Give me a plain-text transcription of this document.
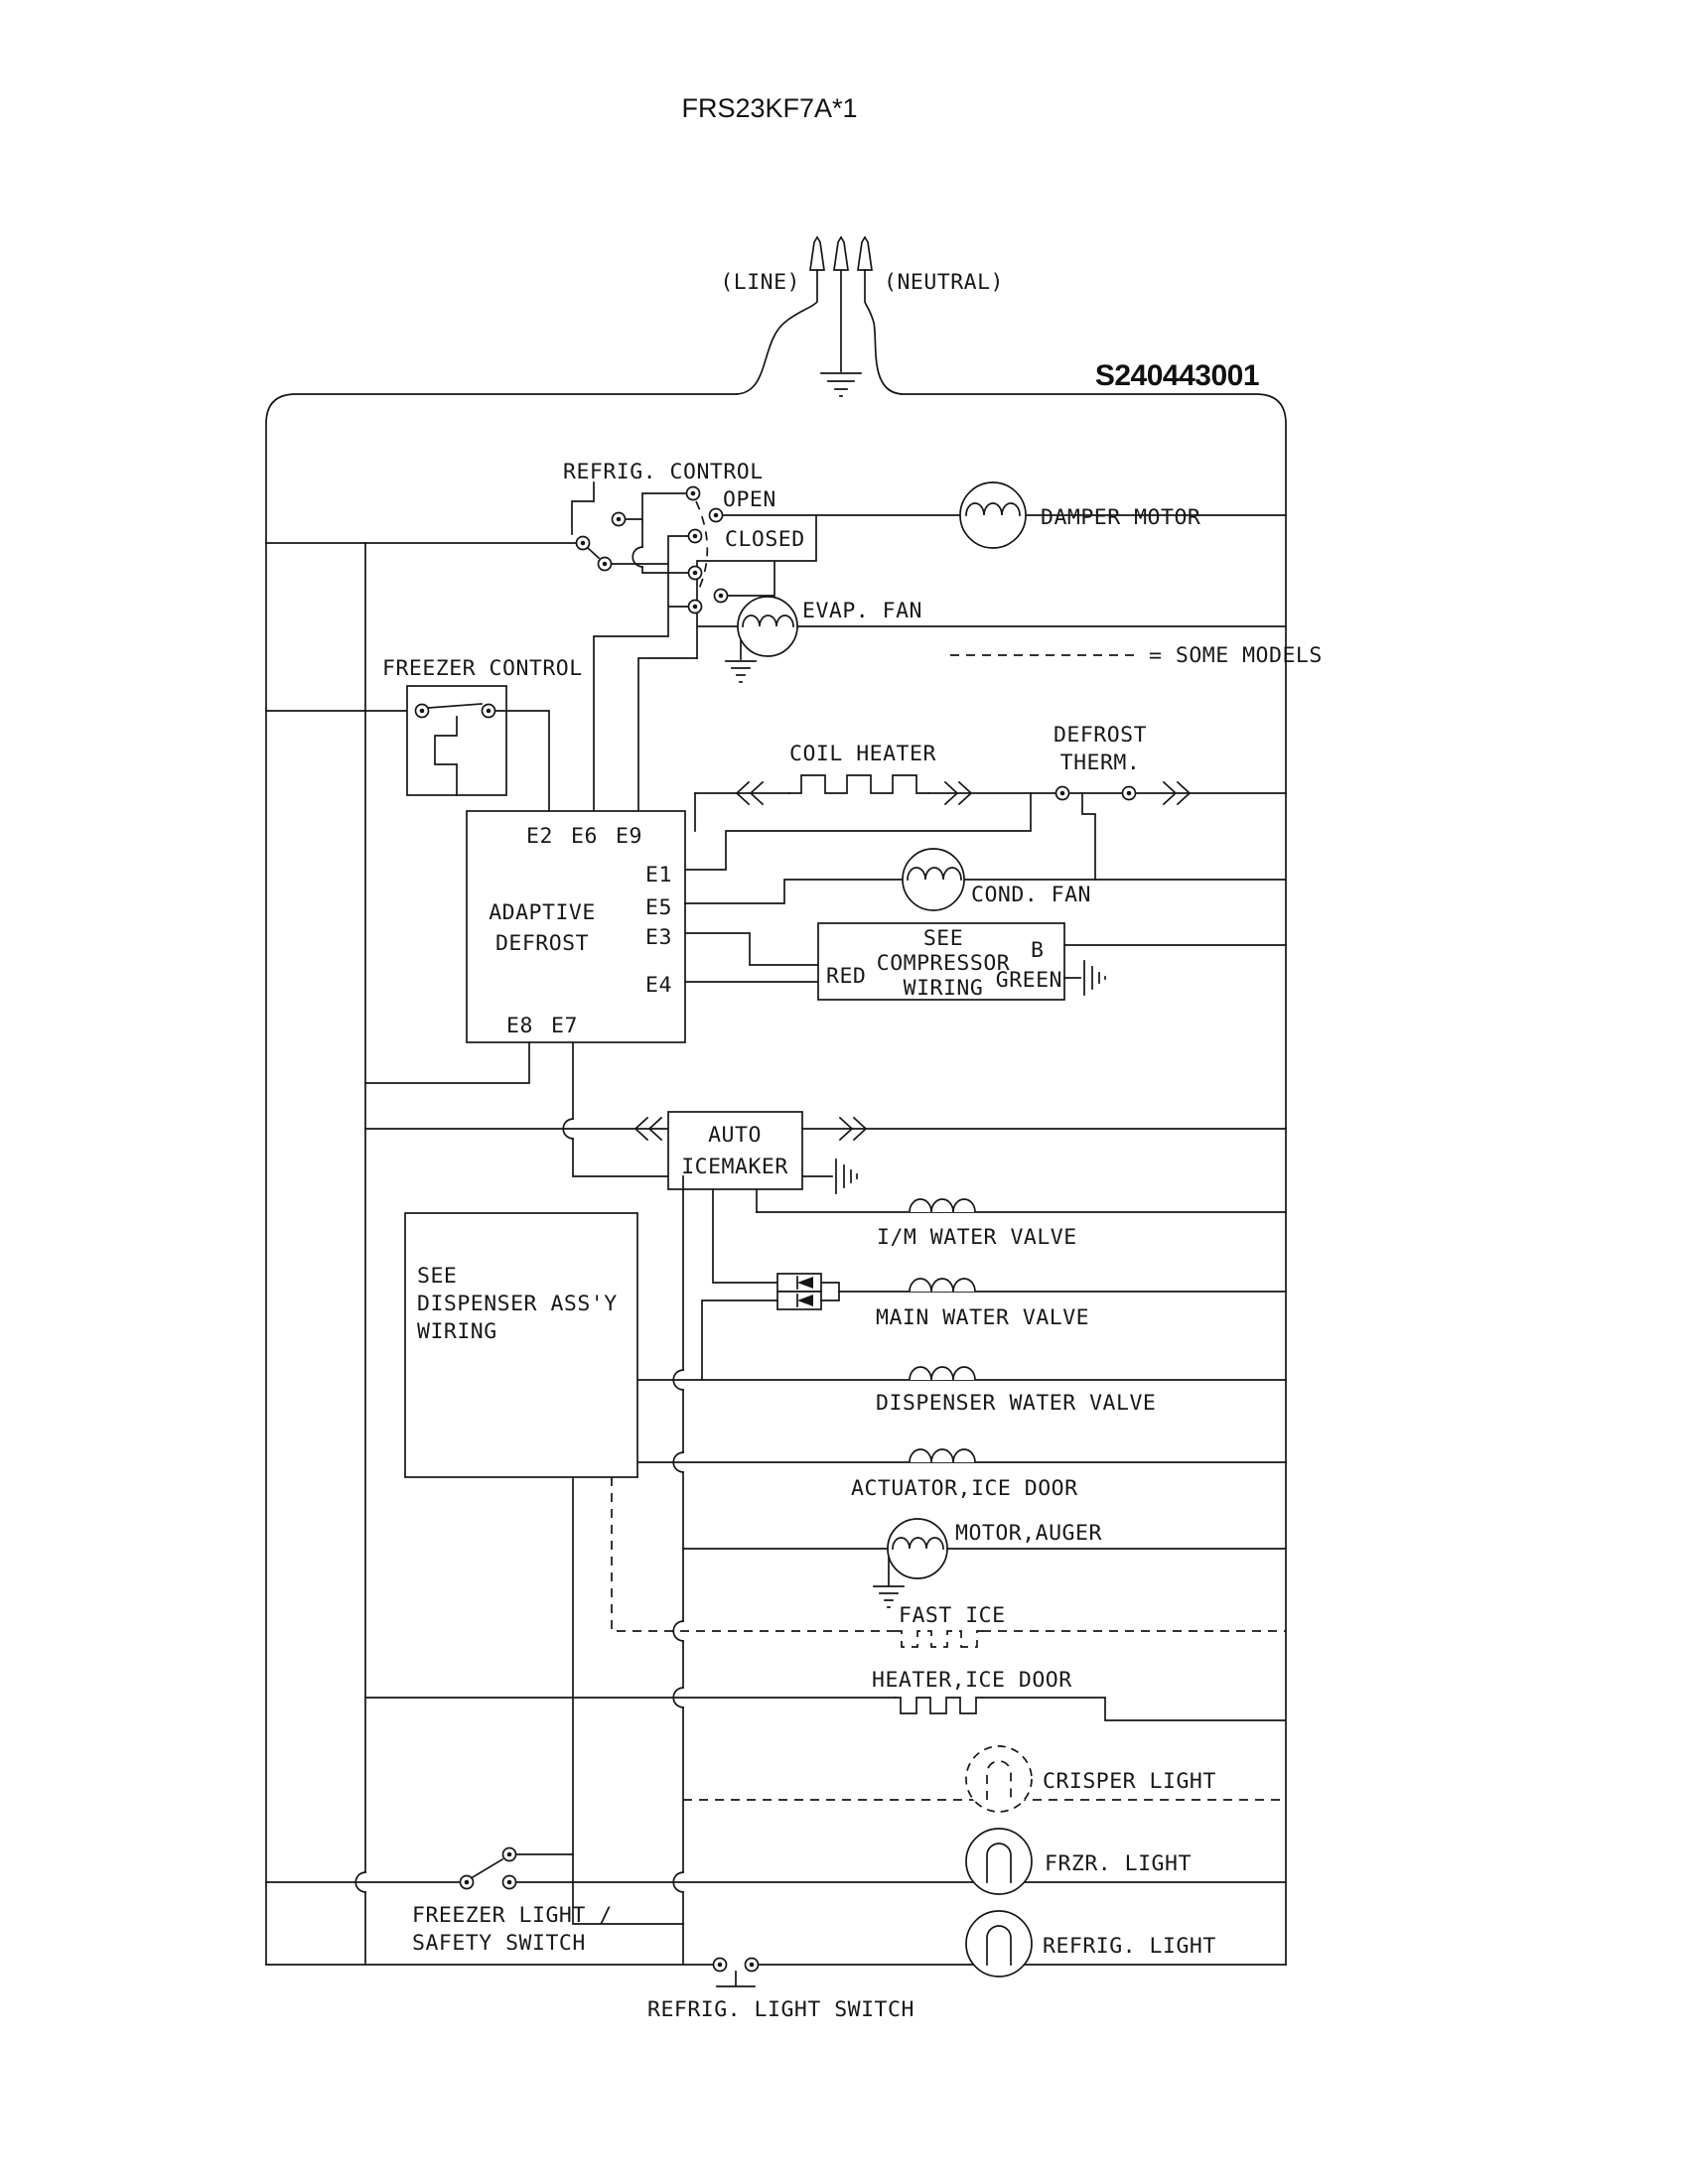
FRS23KF7A*1
S240443001
(LINE)	(NEUTRAL)
REFRIG. CONTROL
OPEN
CLOSED
DAMPER MOTOR
EVAP. FAN
= SOME MODELS
FREEZER CONTROL
COIL HEATER
DEFROST
THERM.
COND. FAN
ADAPTIVE
DEFROST
E2 E6 E9
E1
E5
E3
E4
E8 E7
SEE
COMPRESSOR
WIRING
RED
B
GREEN
AUTO
ICEMAKER
SEE
DISPENSER ASS'Y
WIRING
I/M WATER VALVE
MAIN WATER VALVE
DISPENSER WATER VALVE
ACTUATOR,ICE DOOR
MOTOR,AUGER
FAST ICE
HEATER,ICE DOOR
CRISPER LIGHT
FRZR. LIGHT
REFRIG. LIGHT
FREEZER LIGHT /
SAFETY SWITCH
REFRIG. LIGHT SWITCH
